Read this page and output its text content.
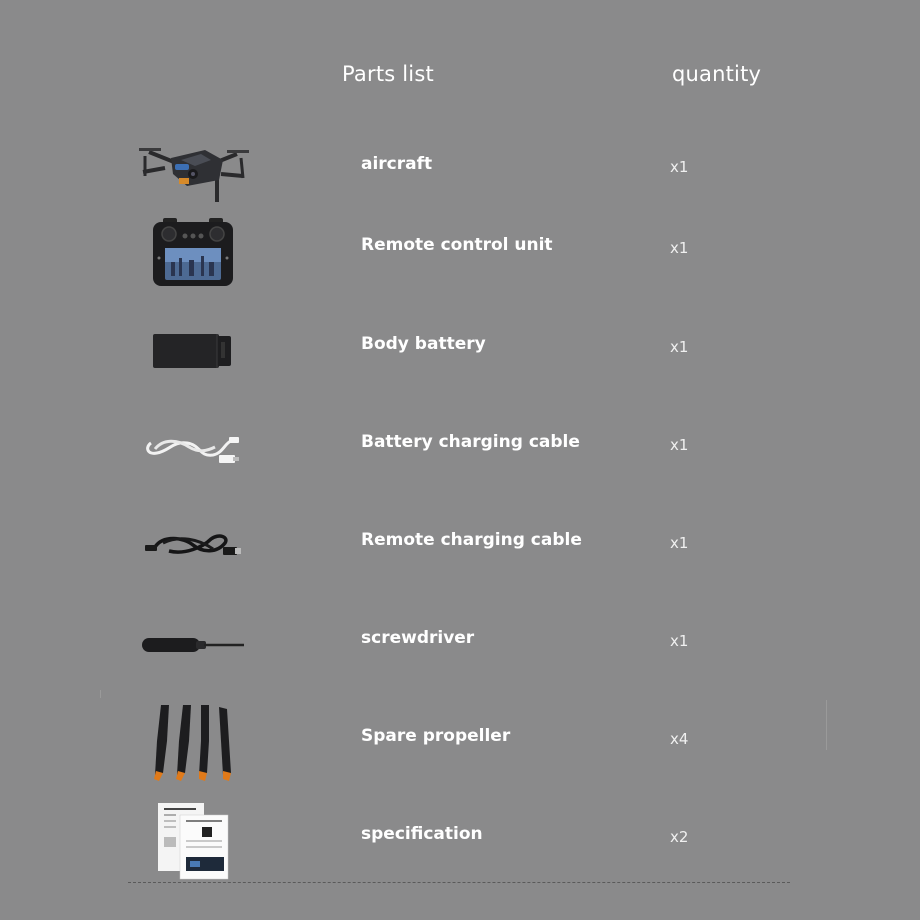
Parts list	quantity
aircraft	x1
Remote control unit	x1
Body battery	x1
Battery charging cable	x1
Remote charging cable	x1
screwdriver	x1
Spare propeller	x4
specification	x2
